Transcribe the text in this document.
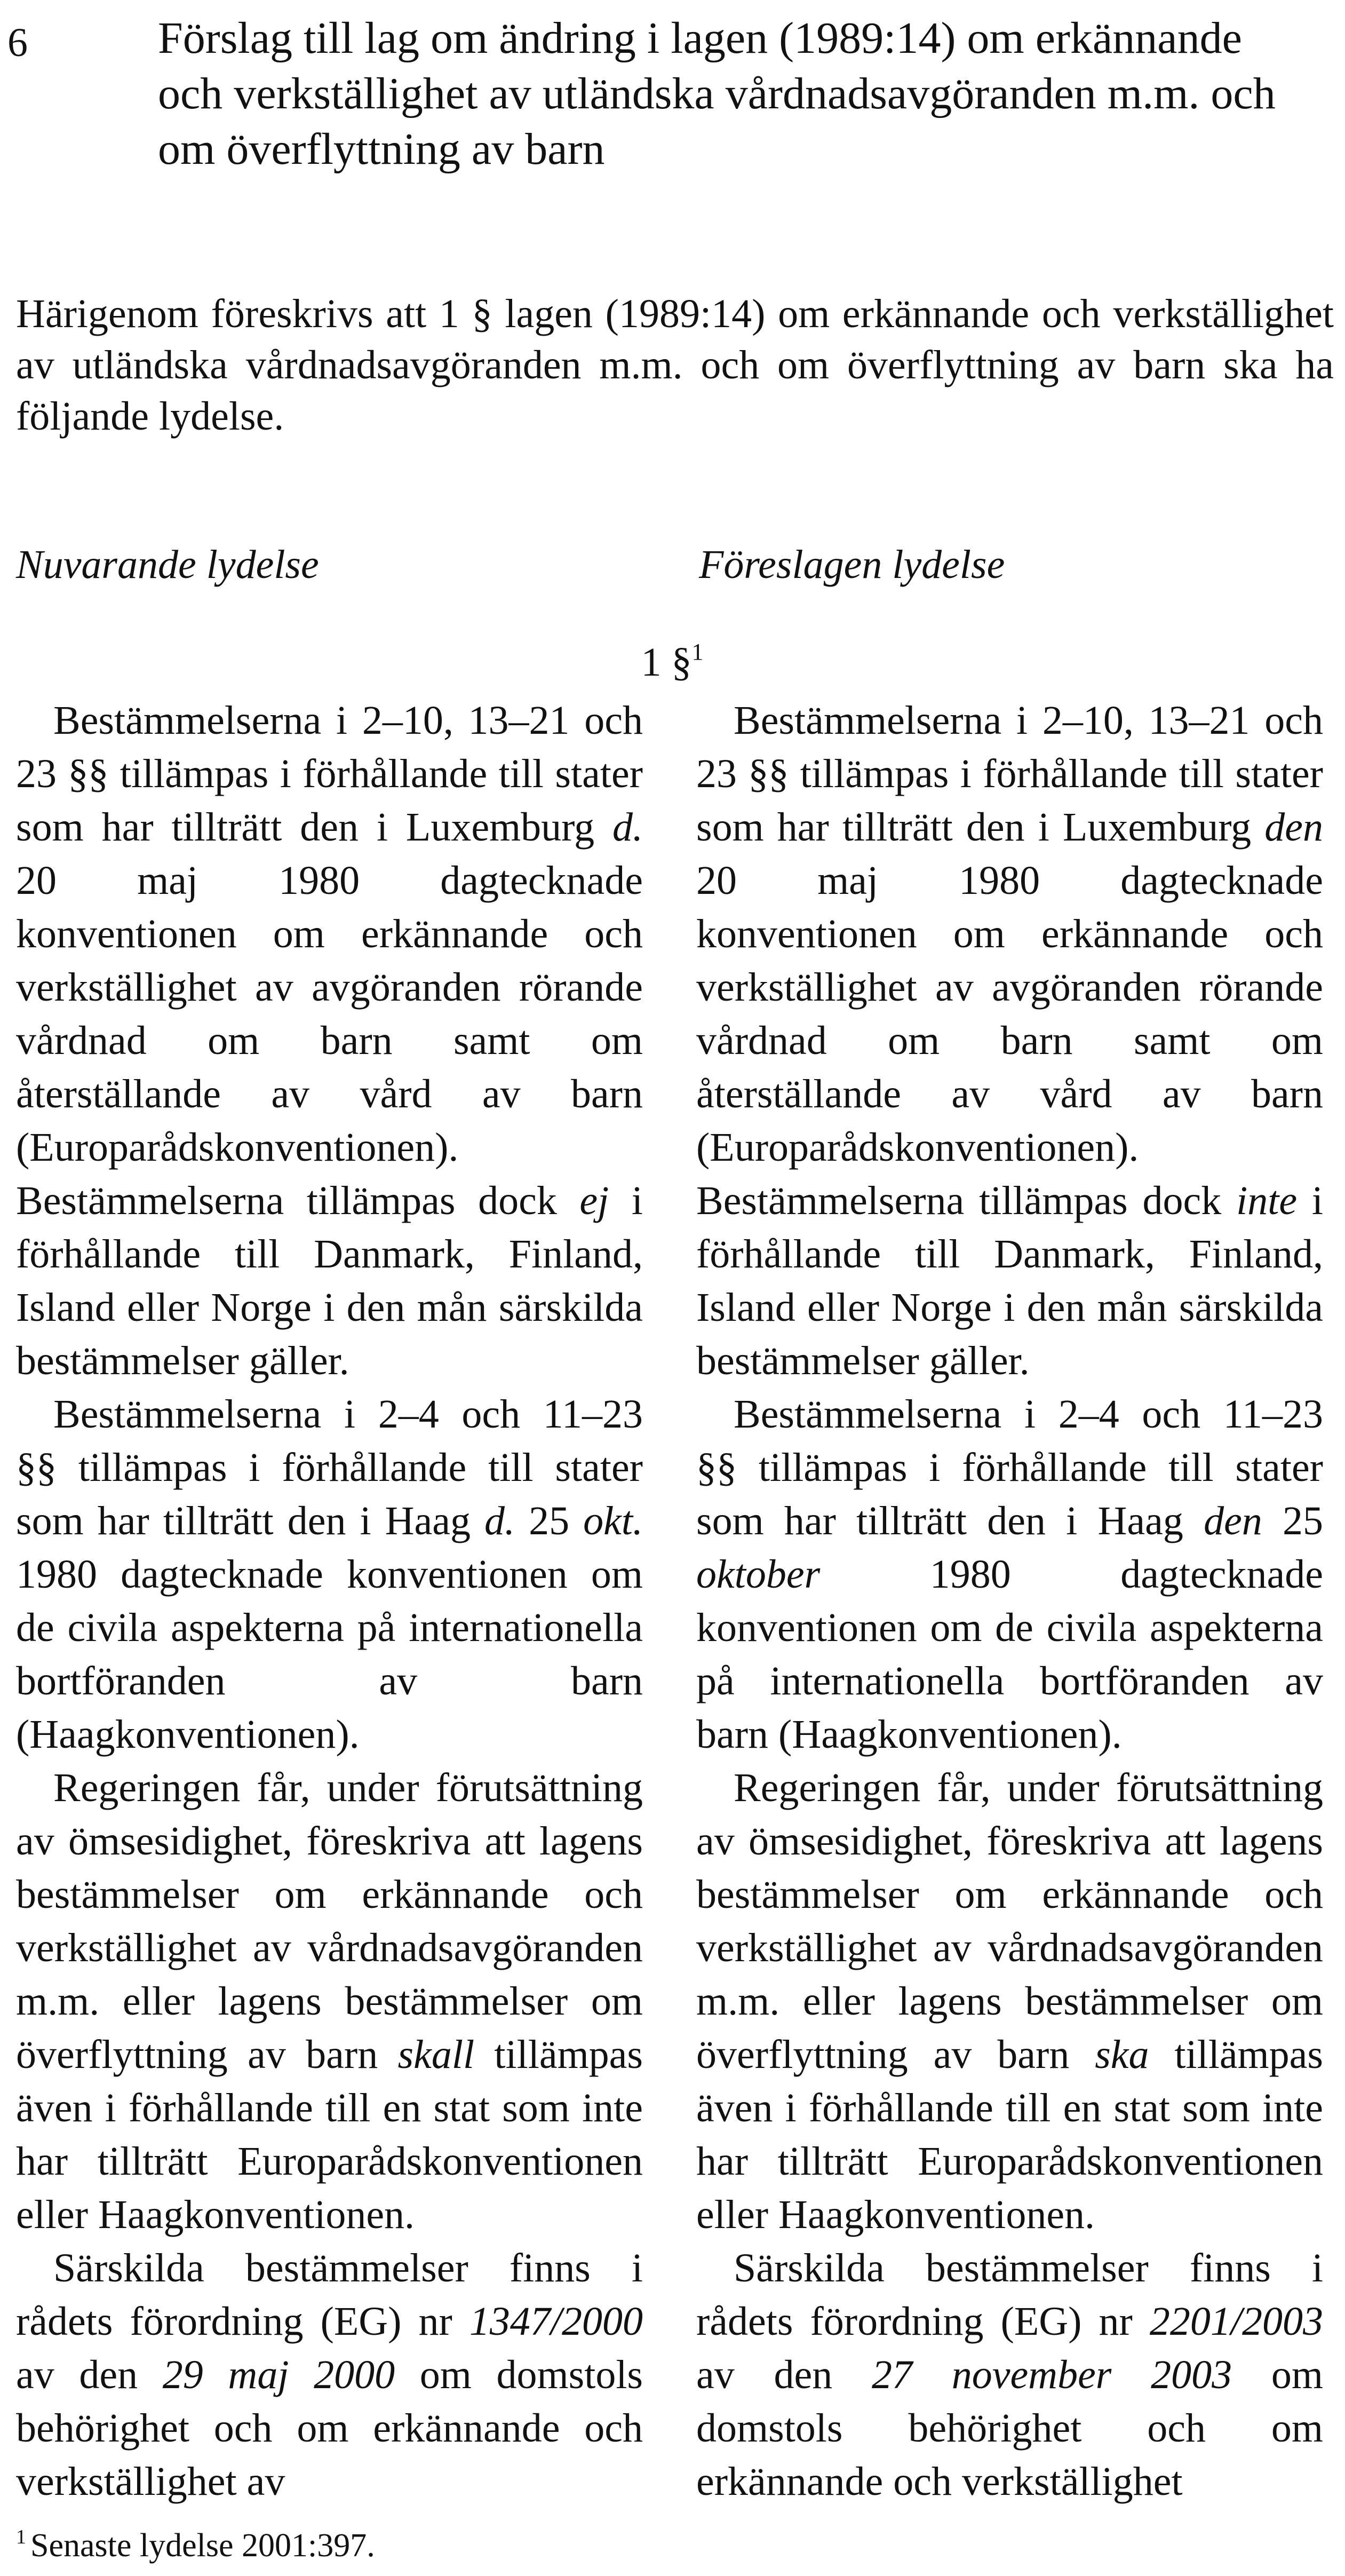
6	Förslag till lag om ändring i lagen (1989:14) om erkännande och verkställighet av utländska vårdnadsavgöranden m.m. och om överflyttning av barn
Härigenom föreskrivs att 1 § lagen (1989:14) om erkännande och verkställighet av utländska vårdnadsavgöranden m.m. och om överflyttning av barn ska ha följande lydelse.
Nuvarande lydelse	Föreslagen lydelse
1 §$^1$

Bestämmelserna i 2–10, 13–21 och 23 §§ tillämpas i förhållande till stater som har tillträtt den i Luxemburg d. 20 maj 1980 dagtecknade konventionen om erkännande och verkställighet av avgöranden rörande vårdnad om barn samt om återställande av vård av barn (Europarådskonventionen). Bestämmelserna tillämpas dock ej i förhållande till Danmark, Finland, Island eller Norge i den mån särskilda bestämmelser gäller.

Bestämmelserna i 2–4 och 11–23 §§ tillämpas i förhållande till stater som har tillträtt den i Haag d. 25 okt. 1980 dagtecknade konventionen om de civila aspekterna på internationella bortföranden av barn (Haagkonventionen).

Regeringen får, under förutsättning av ömsesidighet, föreskriva att lagens bestämmelser om erkännande och verkställighet av vårdnadsavgöranden m.m. eller lagens bestämmelser om överflyttning av barn skall tillämpas även i förhållande till en stat som inte har tillträtt Europarådskonventionen eller Haagkonventionen.

Särskilda bestämmelser finns i rådets förordning (EG) nr 1347/2000 av den 29 maj 2000 om domstols behörighet och om erkännande och verkställighet av

Bestämmelserna i 2–10, 13–21 och 23 §§ tillämpas i förhållande till stater som har tillträtt den i Luxemburg den 20 maj 1980 dagtecknade konventionen om erkännande och verkställighet av avgöranden rörande vårdnad om barn samt om återställande av vård av barn (Europarådskonventionen). Bestämmelserna tillämpas dock inte i förhållande till Danmark, Finland, Island eller Norge i den mån särskilda bestämmelser gäller.

Bestämmelserna i 2–4 och 11–23 §§ tillämpas i förhållande till stater som har tillträtt den i Haag den 25 oktober 1980 dagtecknade konventionen om de civila aspekterna på internationella bortföranden av barn (Haagkonventionen).

Regeringen får, under förutsättning av ömsesidighet, föreskriva att lagens bestämmelser om erkännande och verkställighet av vårdnadsavgöranden m.m. eller lagens bestämmelser om överflyttning av barn ska tillämpas även i förhållande till en stat som inte har tillträtt Europarådskonventionen eller Haagkonventionen.

Särskilda bestämmelser finns i rådets förordning (EG) nr 2201/2003 av den 27 november 2003 om domstols behörighet och om erkännande och verkställighet

$^1$ Senaste lydelse 2001:397.
